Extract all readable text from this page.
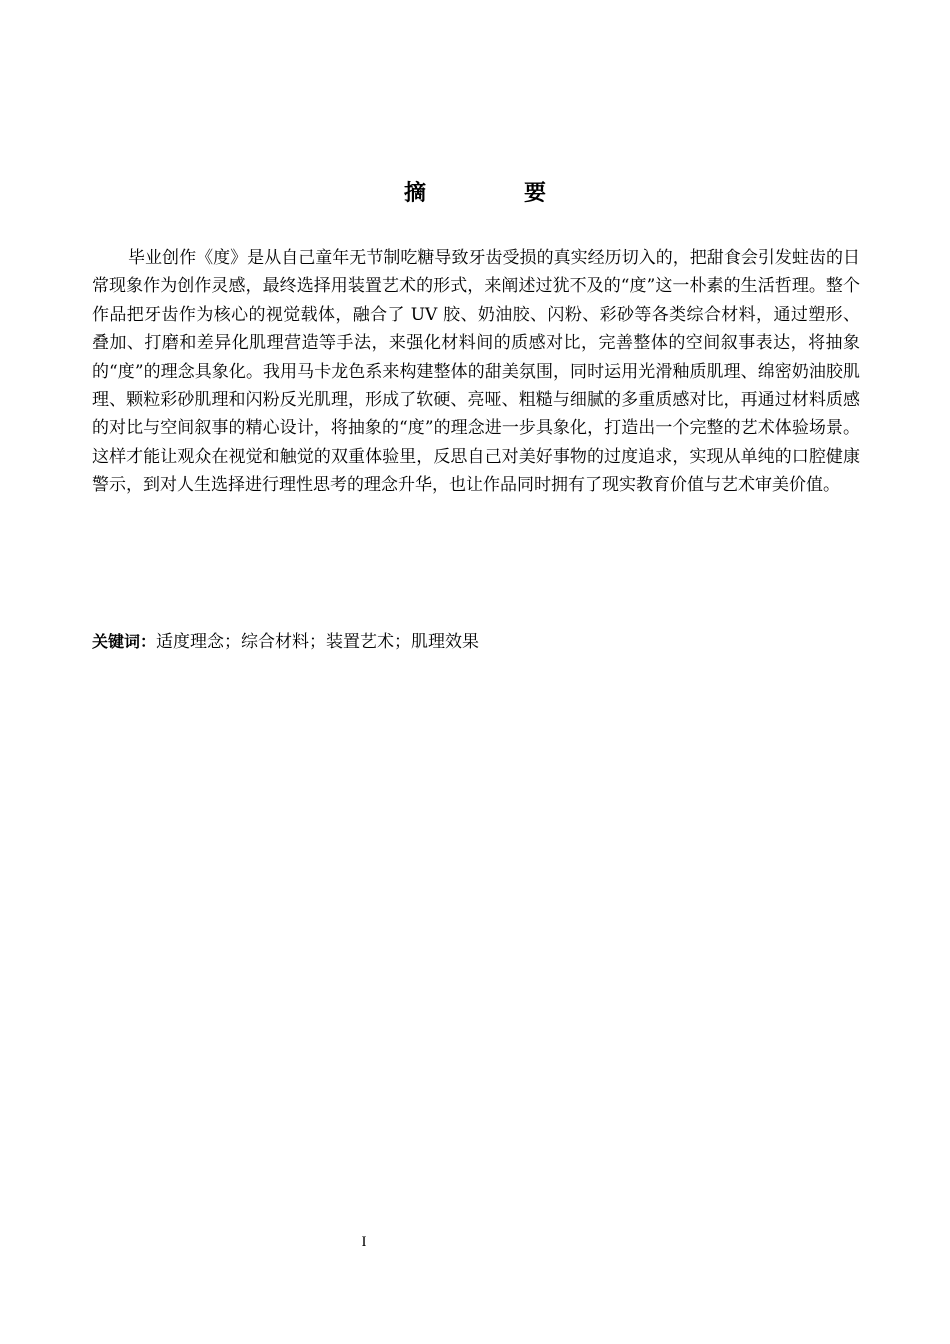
摘　要

毕业创作《度》是从自己童年无节制吃糖导致牙齿受损的真实经历切入的，把甜食会引发蛀齿的日常现象作为创作灵感，最终选择用装置艺术的形式，来阐述过犹不及的“度”这一朴素的生活哲理。整个作品把牙齿作为核心的视觉载体，融合了 UV 胶、奶油胶、闪粉、彩砂等各类综合材料，通过塑形、叠加、打磨和差异化肌理营造等手法，来强化材料间的质感对比，完善整体的空间叙事表达，将抽象的“度”的理念具象化。我用马卡龙色系来构建整体的甜美氛围，同时运用光滑釉质肌理、绵密奶油胶肌理、颗粒彩砂肌理和闪粉反光肌理，形成了软硬、亮哑、粗糙与细腻的多重质感对比，再通过材料质感的对比与空间叙事的精心设计，将抽象的“度”的理念进一步具象化，打造出一个完整的艺术体验场景。这样才能让观众在视觉和触觉的双重体验里，反思自己对美好事物的过度追求，实现从单纯的口腔健康警示，到对人生选择进行理性思考的理念升华，也让作品同时拥有了现实教育价值与艺术审美价值。

关键词：适度理念；综合材料；装置艺术；肌理效果
I
